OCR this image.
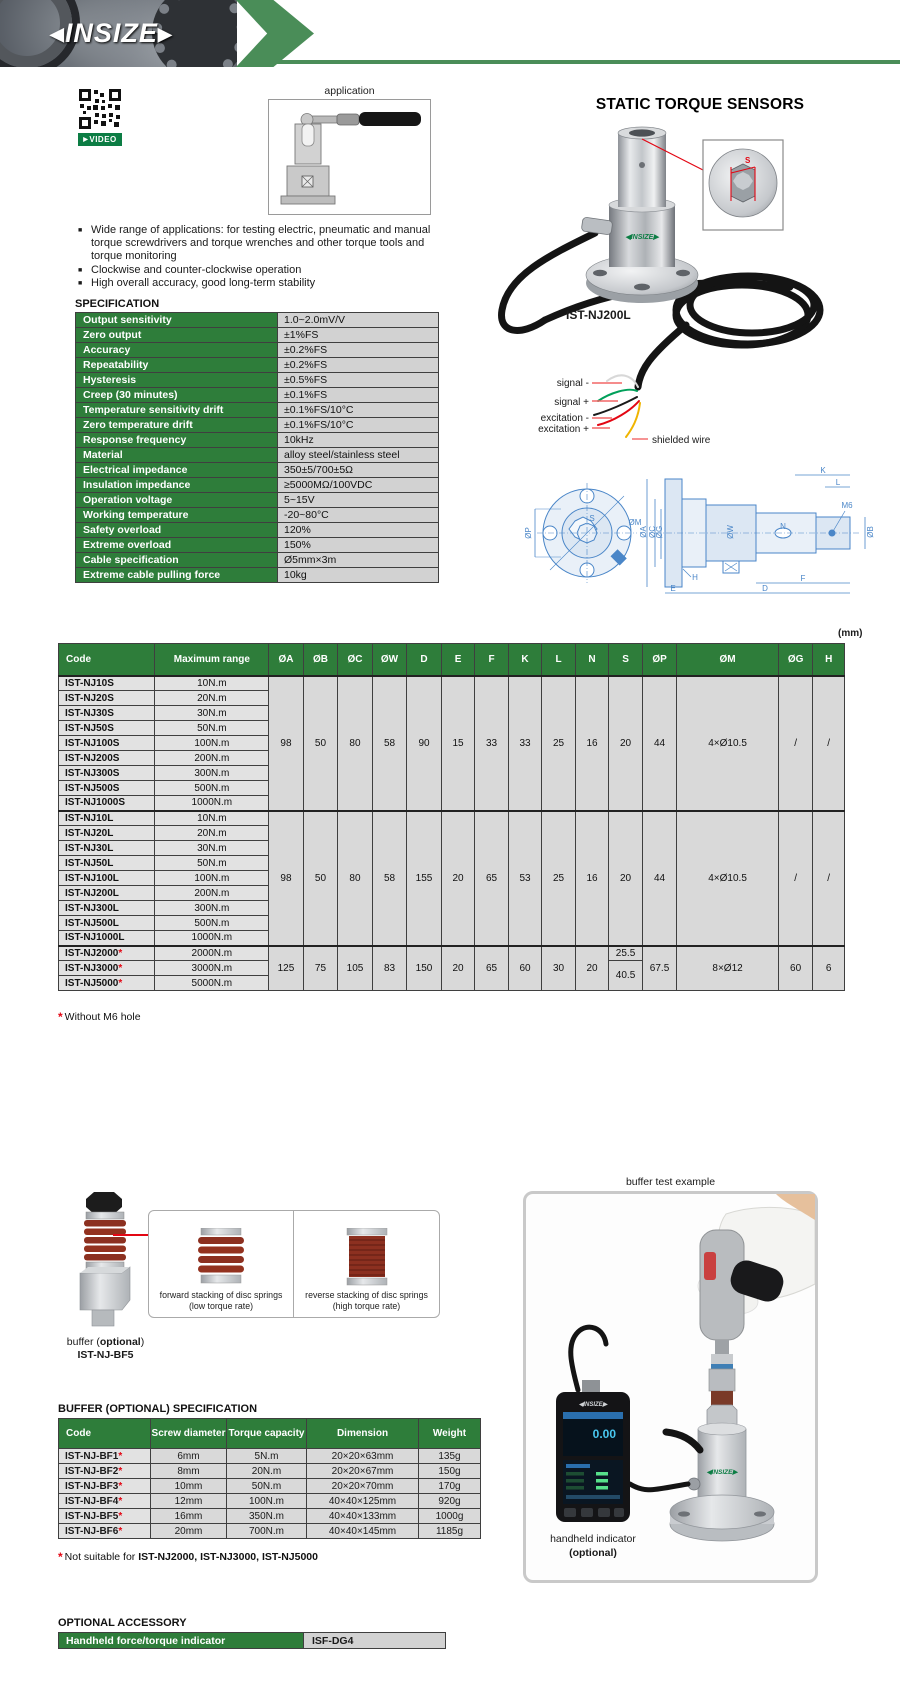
◀INSIZE▶
▶ VIDEO
application
■ Wide range of applications: for testing electric, pneumatic and manual torque screwdrivers and torque wrenches and other torque tools and torque monitoring
■ Clockwise and counter-clockwise operation
■ High overall accuracy, good long-term stability
SPECIFICATION
Output sensitivity	1.0~2.0mV/V
Zero output	±1%FS
Accuracy	±0.2%FS
Repeatability	±0.2%FS
Hysteresis	±0.5%FS
Creep (30 minutes)	±0.1%FS
Temperature sensitivity drift	±0.1%FS/10°C
Zero temperature drift	±0.1%FS/10°C
Response frequency	10kHz
Material	alloy steel/stainless steel
Electrical impedance	350±5/700±5Ω
Insulation impedance	≥5000MΩ/100VDC
Operation voltage	5~15V
Working temperature	-20~80°C
Safety overload	120%
Extreme overload	150%
Cable specification	Ø5mm×3m
Extreme cable pulling force	10kg
STATIC TORQUE SENSORS
◀INSIZE▶
S
signal -
signal +
excitation -
excitation +
shielded wire
IST-NJ200L
ØP
S	ØM
ØA ØC
ØG
H
ØW	N
M6
ØB
K
L
E
F
D
(mm)
Code	Maximum range	ØA	ØB	ØC	ØW	D	E	F	K	L	N	S	ØP	ØM	ØG	H
IST-NJ10S	10N.m	98	50	80	58	90	15	33	33	25	16	20	44	4×Ø10.5	/	/
IST-NJ20S	20N.m															
IST-NJ30S	30N.m															
IST-NJ50S	50N.m															
IST-NJ100S	100N.m															
IST-NJ200S	200N.m															
IST-NJ300S	300N.m															
IST-NJ500S	500N.m															
IST-NJ1000S	1000N.m															
IST-NJ10L	10N.m	98	50	80	58	155	20	65	53	25	16	20	44	4×Ø10.5	/	/
IST-NJ20L	20N.m															
IST-NJ30L	30N.m															
IST-NJ50L	50N.m															
IST-NJ100L	100N.m															
IST-NJ200L	200N.m															
IST-NJ300L	300N.m															
IST-NJ500L	500N.m															
IST-NJ1000L	1000N.m															
IST-NJ2000*	2000N.m	125	75	105	83	150	20	65	60	30	20	25.5	67.5	8×Ø12	60	6
IST-NJ3000*	3000N.m											40.5				
IST-NJ5000*	5000N.m															
* Without M6 hole
buffer (optional)
IST-NJ-BF5
forward stacking of disc springs
(low torque rate)
reverse stacking of disc springs
(high torque rate)
BUFFER (OPTIONAL) SPECIFICATION
Code	Screw diameter	Torque capacity	Dimension	Weight
IST-NJ-BF1*	6mm	5N.m	20×20×63mm	135g
IST-NJ-BF2*	8mm	20N.m	20×20×67mm	150g
IST-NJ-BF3*	10mm	50N.m	20×20×70mm	170g
IST-NJ-BF4*	12mm	100N.m	40×40×125mm	920g
IST-NJ-BF5*	16mm	350N.m	40×40×133mm	1000g
IST-NJ-BF6*	20mm	700N.m	40×40×145mm	1185g
* Not suitable for IST-NJ2000, IST-NJ3000, IST-NJ5000
buffer test example
◀INSIZE▶
◀INSIZE▶
0.00
handheld indicator
(optional)
OPTIONAL ACCESSORY
Handheld force/torque indicator	ISF-DG4
